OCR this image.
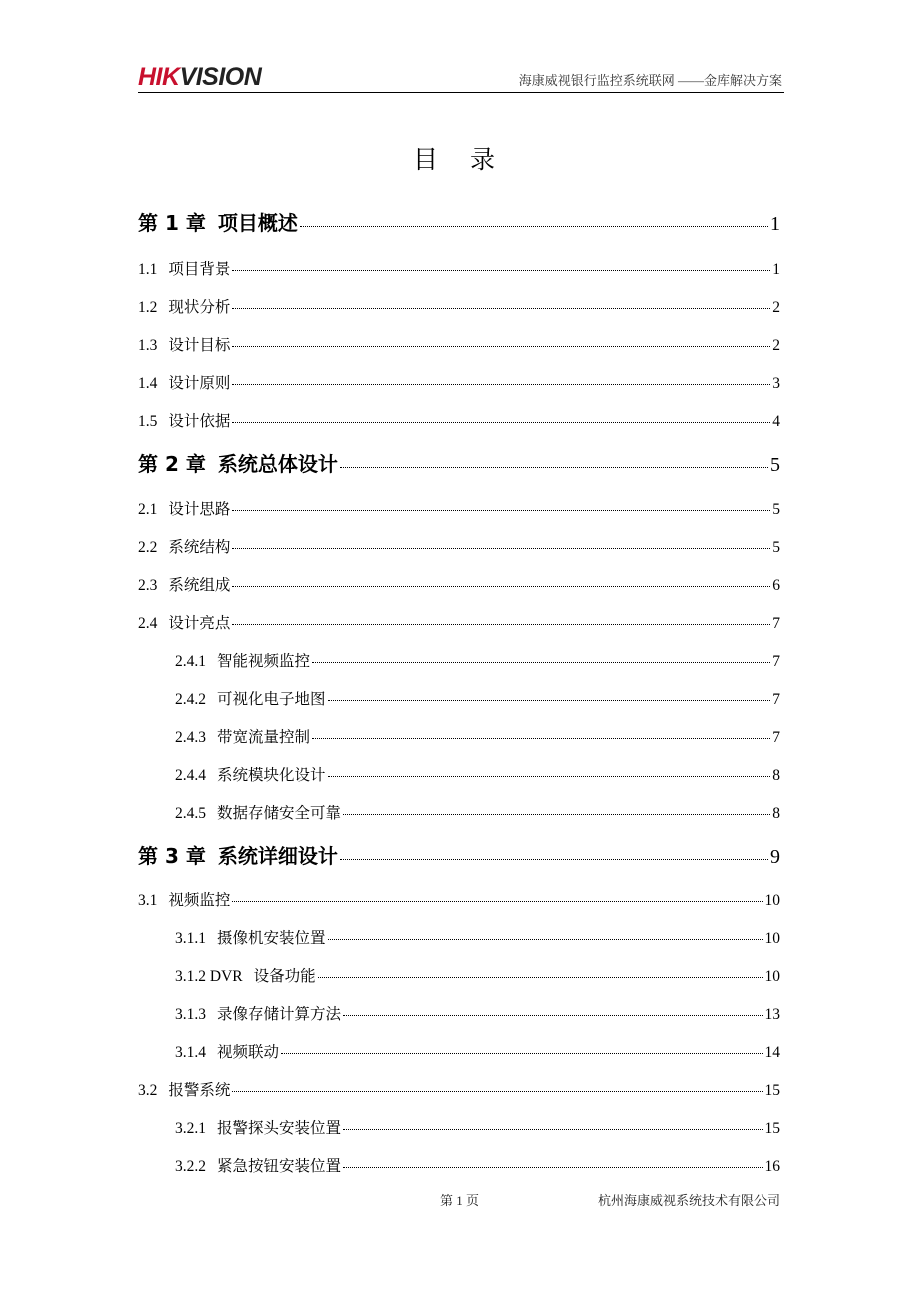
HIKVISION	海康威视银行监控系统联网 ——金库解决方案
目 录
第 1 章 项目概述	1
1.1 项目背景	1
1.2 现状分析	2
1.3 设计目标	2
1.4 设计原则	3
1.5 设计依据	4
第 2 章 系统总体设计	5
2.1 设计思路	5
2.2 系统结构	5
2.3 系统组成	6
2.4 设计亮点	7
2.4.1 智能视频监控	7
2.4.2 可视化电子地图	7
2.4.3 带宽流量控制	7
2.4.4 系统模块化设计	8
2.4.5 数据存储安全可靠	8
第 3 章 系统详细设计	9
3.1 视频监控	10
3.1.1 摄像机安装位置	10
3.1.2 DVR 设备功能	10
3.1.3 录像存储计算方法	13
3.1.4 视频联动	14
3.2 报警系统	15
3.2.1 报警探头安装位置	15
3.2.2 紧急按钮安装位置	16
第 1 页	杭州海康威视系统技术有限公司
